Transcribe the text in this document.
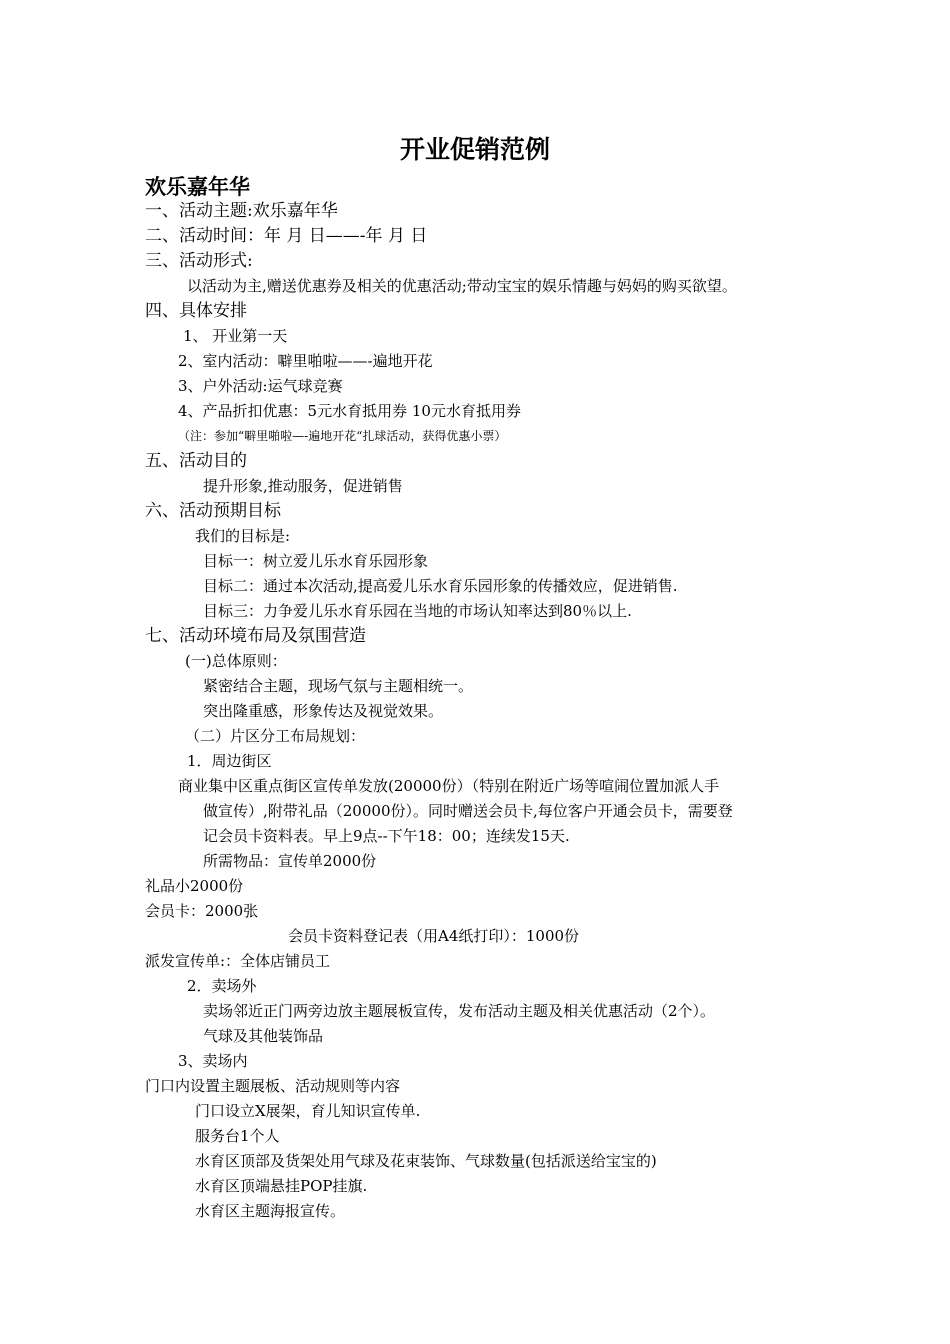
开业促销范例
欢乐嘉年华
一、活动主题:欢乐嘉年华
二、活动时间：年 月 日——-年 月 日
三、活动形式:
以活动为主,赠送优惠券及相关的优惠活动;带动宝宝的娱乐情趣与妈妈的购买欲望。
四、具体安排
1、 开业第一天
2、室内活动：噼里啪啦——-遍地开花
3、户外活动:运气球竞赛
4、产品折扣优惠：5元水育抵用券 10元水育抵用券
（注：参加“噼里啪啦—-遍地开花“扎球活动，获得优惠小票）
五、活动目的
提升形象,推动服务，促进销售
六、活动预期目标
我们的目标是:
目标一：树立爱儿乐水育乐园形象
目标二：通过本次活动,提高爱儿乐水育乐园形象的传播效应，促进销售.
目标三：力争爱儿乐水育乐园在当地的市场认知率达到80％以上.
七、活动环境布局及氛围营造
(一)总体原则：
紧密结合主题，现场气氛与主题相统一。
突出隆重感，形象传达及视觉效果。
（二）片区分工布局规划：
1．周边街区
商业集中区重点街区宣传单发放(20000份）（特别在附近广场等喧闹位置加派人手
做宣传）,附带礼品（20000份）。同时赠送会员卡,每位客户开通会员卡，需要登
记会员卡资料表。早上9点--下午18：00；连续发15天.
所需物品：宣传单2000份
礼品小2000份
会员卡：2000张
会员卡资料登记表（用A4纸打印）：1000份
派发宣传单:：全体店铺员工
2．卖场外
卖场邻近正门两旁边放主题展板宣传，发布活动主题及相关优惠活动（2个）。
气球及其他装饰品
3、卖场内
门口内设置主题展板、活动规则等内容
门口设立X展架，育儿知识宣传单.
服务台1个人
水育区顶部及货架处用气球及花束装饰、气球数量(包括派送给宝宝的)
水育区顶端悬挂POP挂旗.
水育区主题海报宣传。
